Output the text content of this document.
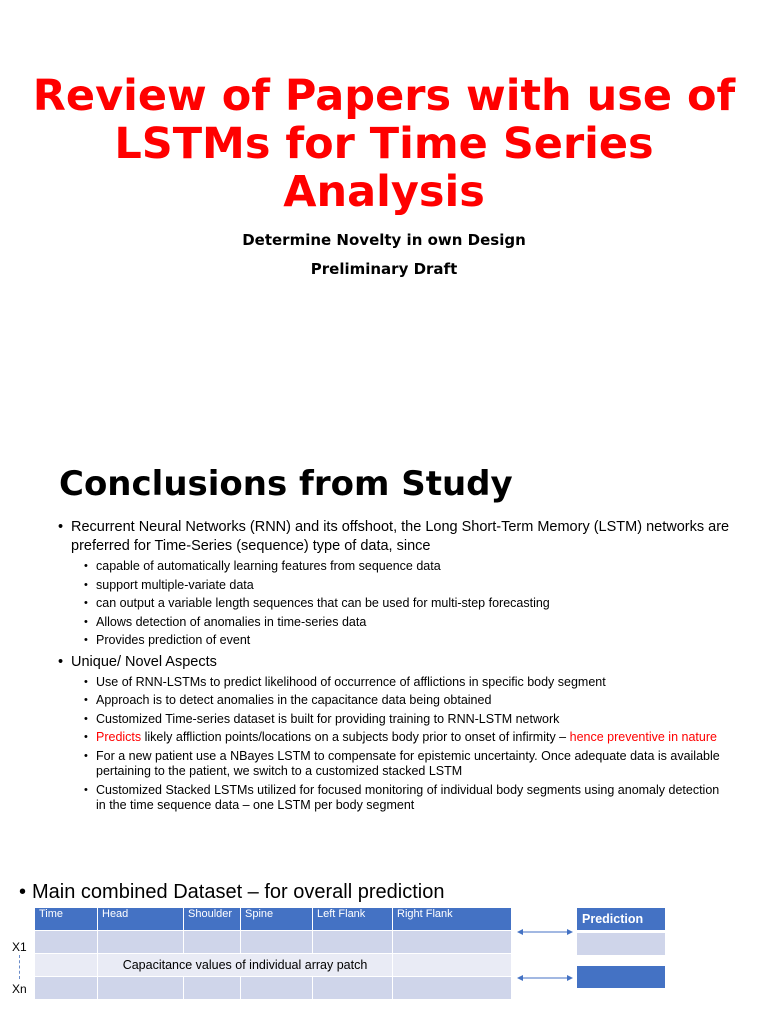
Review of Papers with use of LSTMs for Time Series Analysis
Determine Novelty in own Design
Preliminary Draft
Conclusions from Study
• Recurrent Neural Networks (RNN) and its offshoot, the Long Short-Term Memory (LSTM) networks are preferred for Time-Series (sequence) type of data, since
• capable of automatically learning features from sequence data
• support multiple-variate data
• can output a variable length sequences that can be used for multi-step forecasting
• Allows detection of anomalies in time-series data
• Provides prediction of event
• Unique/ Novel Aspects
• Use of RNN-LSTMs to predict likelihood of occurrence of afflictions in specific body segment
• Approach is to detect anomalies in the capacitance data being obtained
• Customized Time-series dataset is built for providing training to RNN-LSTM network
• Predicts likely affliction points/locations on a subjects body prior to onset of infirmity – hence preventive in nature
• For a new patient use a NBayes LSTM to compensate for epistemic uncertainty. Once adequate data is available pertaining to the patient, we switch to a customized stacked LSTM
• Customized Stacked LSTMs utilized for focused monitoring of individual body segments using anomaly detection in the time sequence data – one LSTM per body segment
• Main combined Dataset – for overall prediction
X1
Xn
Time	Head	Shoulder	Spine	Left Flank	Right Flank

	Capacitance values of individual array patch				

Prediction
